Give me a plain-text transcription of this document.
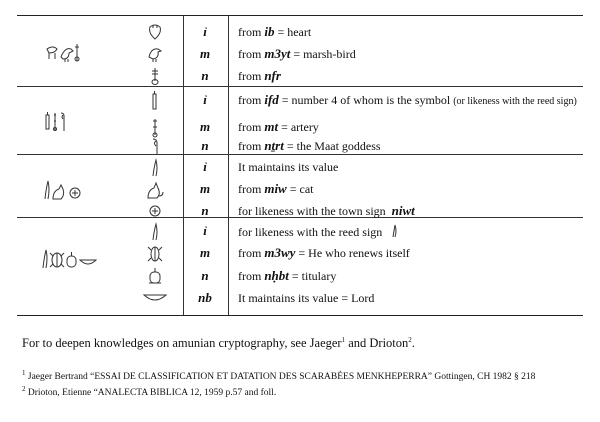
ỉ	from ib = heart
m	from m3yt = marsh-bird
n	from nfr
ỉ	from ifd = number 4 of whom is the symbol (or likeness with the reed sign)
m	from mt = artery
n	from nṯrt = the Maat goddess
ỉ	It maintains its value
m	from miw = cat
n	for likeness with the town sign niwt
ỉ	for likeness with the reed sign
m	from m3wy = He who renews itself
n	from nḥbt = titulary
nb	It maintains its value = Lord
For to deepen knowledges on amunian cryptography, see Jaeger$^1$ and Drioton$^2$.
$^1$ Jaeger Bertrand “ESSAI DE CLASSIFICATION ET DATATION DES SCARABÉES MENKHEPERRA” Gottingen, CH 1982 § 218
$^2$ Drioton, Etienne “ANALECTA BIBLICA 12, 1959 p.57 and foll.
